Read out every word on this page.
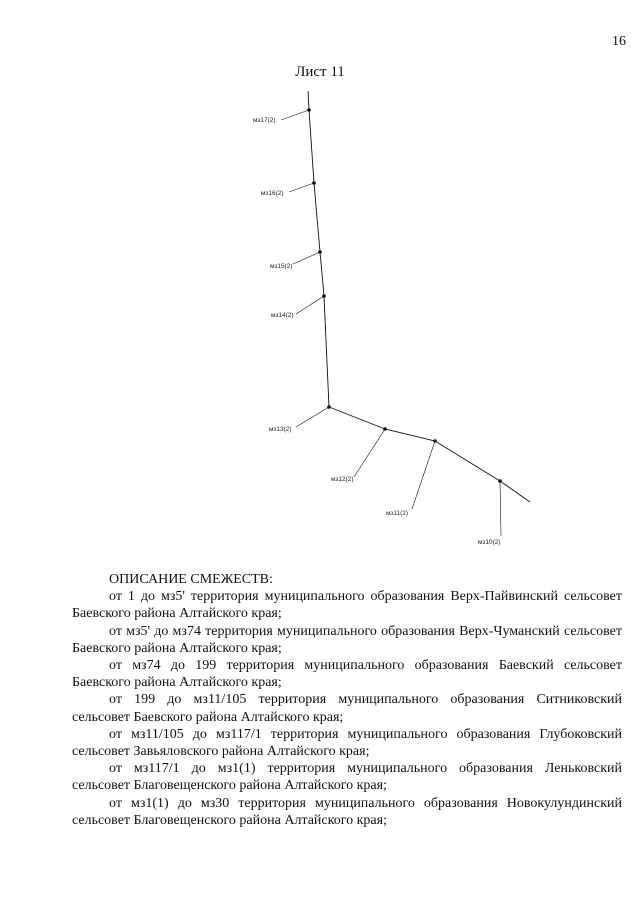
16
Лист 11
мз17(2)
мз16(2)
мз15(2)
мз14(2)
мз13(2)
мз12(2)
мз11(2)
мз10(2)

ОПИСАНИЕ СМЕЖЕСТВ:

от 1 до мз5' территория муниципального образования Верх-Пайвинский сельсовет Баевского района Алтайского края;

от мз5' до мз74 территория муниципального образования Верх-Чуманский сельсовет Баевского района Алтайского края;

от мз74 до 199 территория муниципального образования Баевский сельсовет Баевского района Алтайского края;

от 199 до мз11/105 территория муниципального образования Ситниковский сельсовет Баевского района Алтайского края;

от мз11/105 до мз117/1 территория муниципального образования Глубоковский сельсовет Завьяловского района Алтайского края;

от мз117/1 до мз1(1) территория муниципального образования Леньковский сельсовет Благовещенского района Алтайского края;

от мз1(1) до мз30 территория муниципального образования Новокулундинский сельсовет Благовещенского района Алтайского края;
